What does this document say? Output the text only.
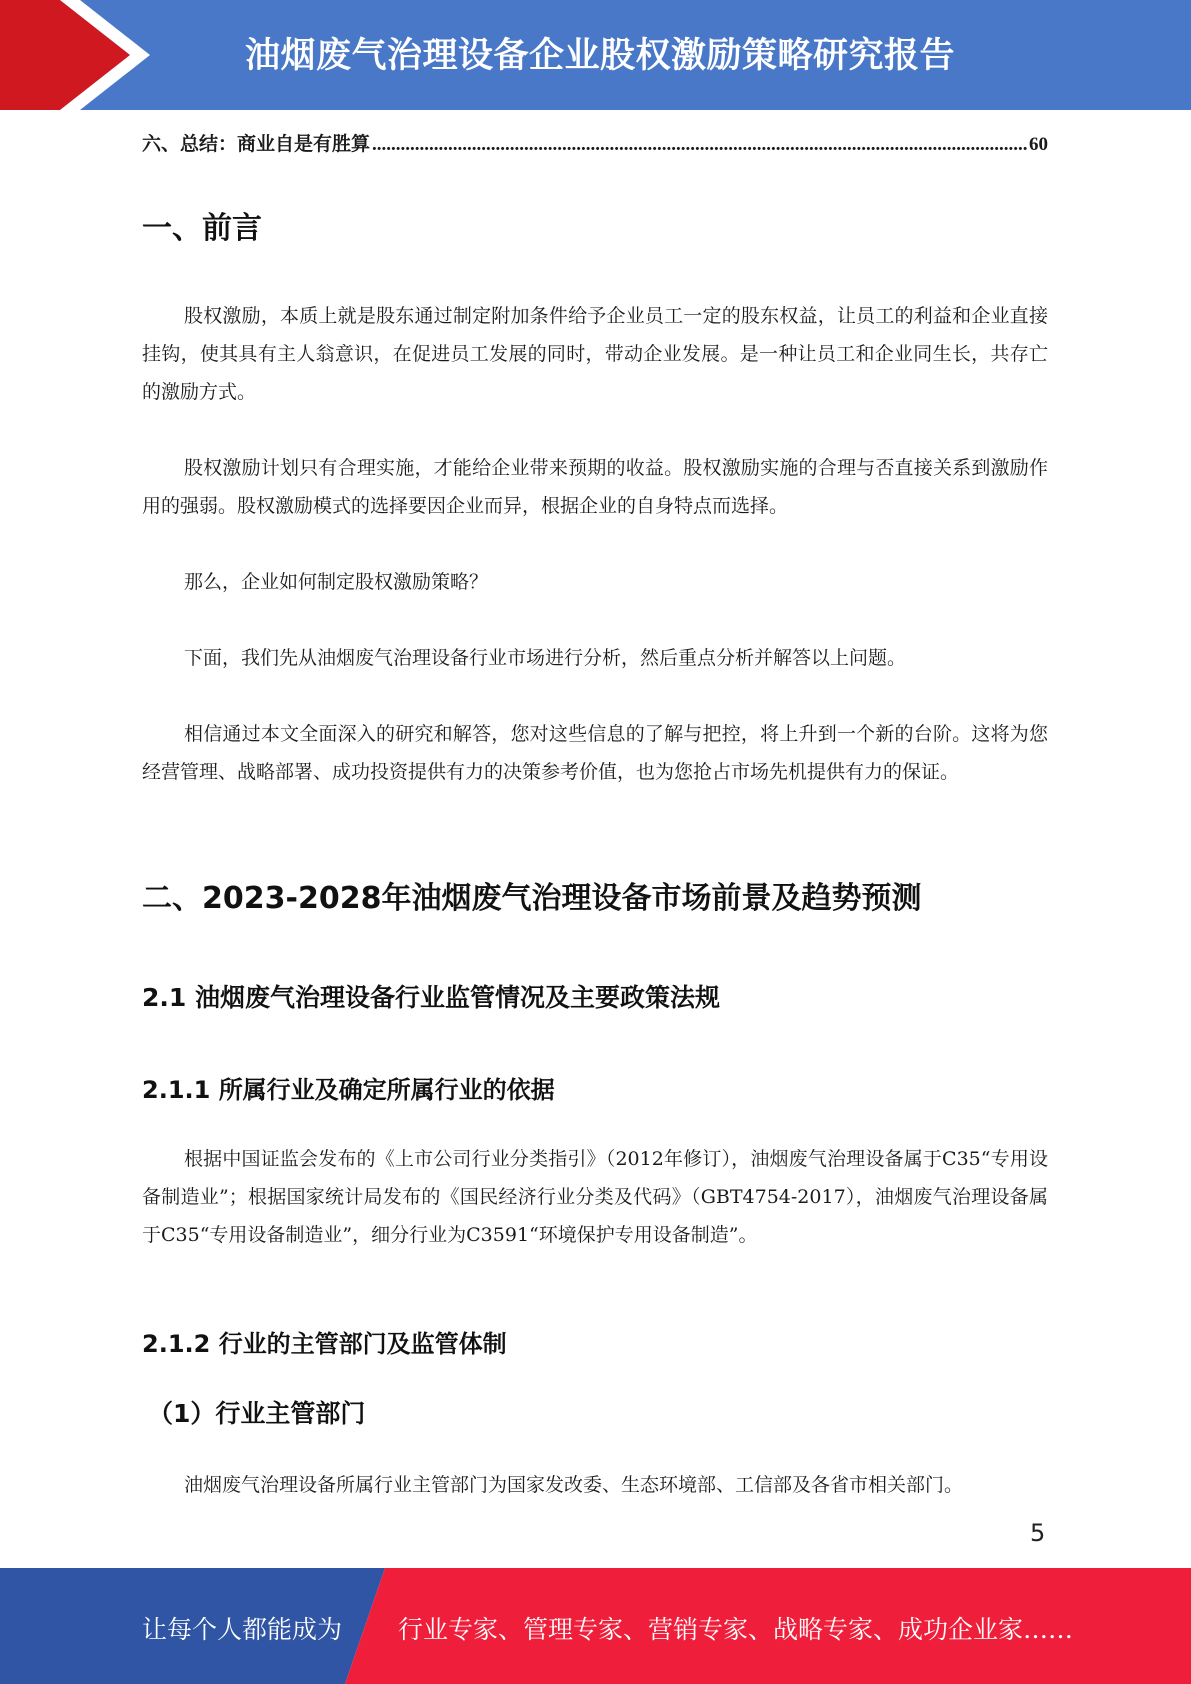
油烟废气治理设备企业股权激励策略研究报告
六、总结：商业自是有胜算
.....	60
一、前言

股权激励，本质上就是股东通过制定附加条件给予企业员工一定的股东权益，让员工的利益和企业直接挂钩，使其具有主人翁意识，在促进员工发展的同时，带动企业发展。是一种让员工和企业同生长，共存亡的激励方式。

股权激励计划只有合理实施，才能给企业带来预期的收益。股权激励实施的合理与否直接关系到激励作用的强弱。股权激励模式的选择要因企业而异，根据企业的自身特点而选择。

那么，企业如何制定股权激励策略？

下面，我们先从油烟废气治理设备行业市场进行分析，然后重点分析并解答以上问题。

相信通过本文全面深入的研究和解答，您对这些信息的了解与把控，将上升到一个新的台阶。这将为您经营管理、战略部署、成功投资提供有力的决策参考价值，也为您抢占市场先机提供有力的保证。

二、2023-2028年油烟废气治理设备市场前景及趋势预测
2.1 油烟废气治理设备行业监管情况及主要政策法规
2.1.1 所属行业及确定所属行业的依据

根据中国证监会发布的《上市公司行业分类指引》（2012年修订），油烟废气治理设备属于C35“专用设备制造业”；根据国家统计局发布的《国民经济行业分类及代码》（GBT4754-2017），油烟废气治理设备属于C35“专用设备制造业”，细分行业为C3591“环境保护专用设备制造”。

2.1.2 行业的主管部门及监管体制
（1）行业主管部门

油烟废气治理设备所属行业主管部门为国家发改委、生态环境部、工信部及各省市相关部门。

5
让每个人都能成为 行业专家、管理专家、营销专家、战略专家、成功企业家……
